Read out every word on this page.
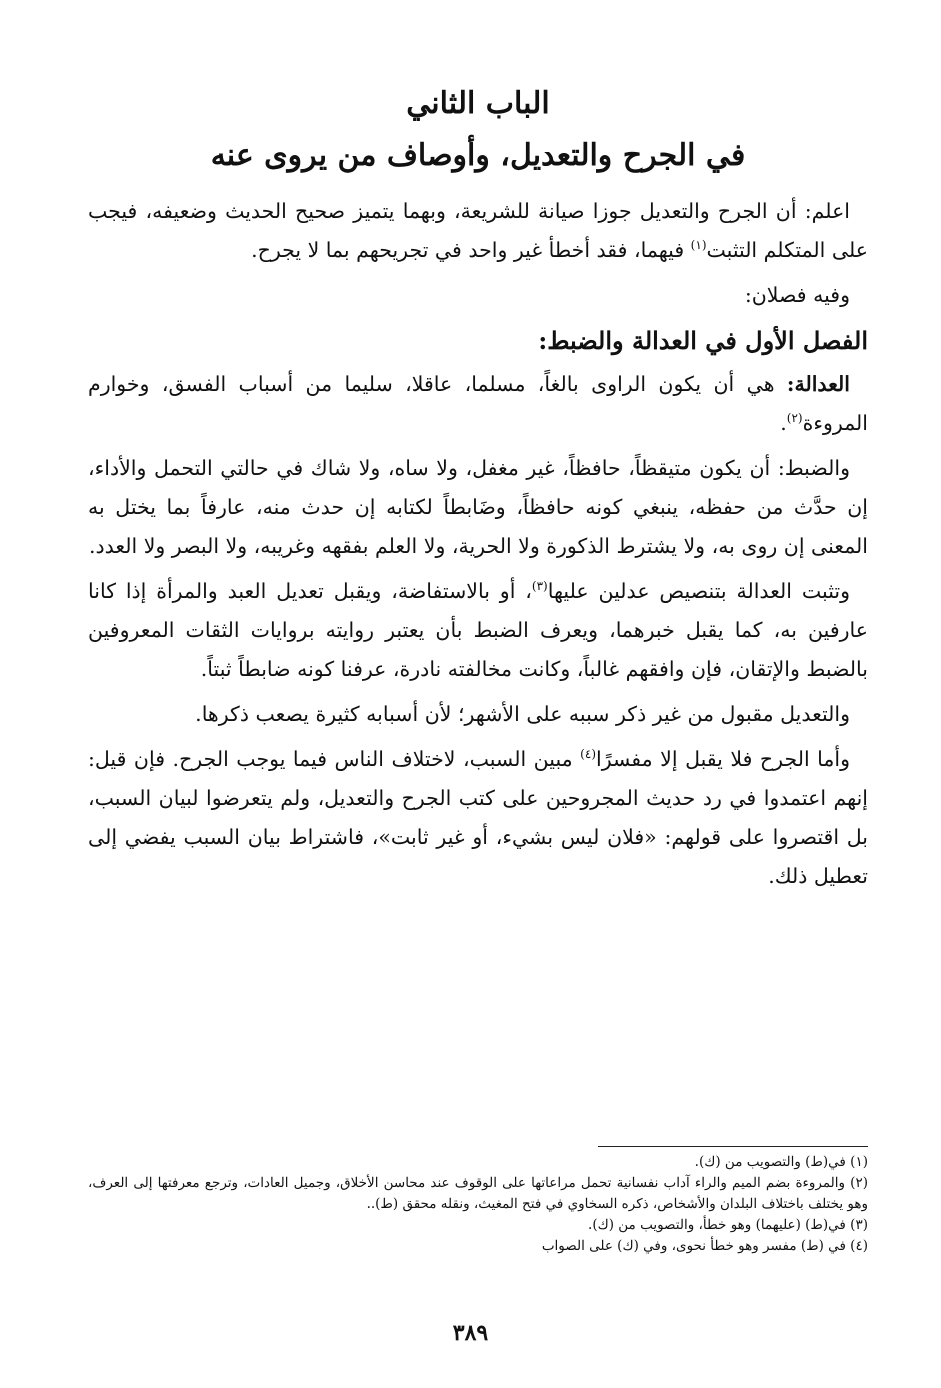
الباب الثاني
في الجرح والتعديل، وأوصاف من يروى عنه

اعلم: أن الجرح والتعديل جوزا صيانة للشريعة، وبهما يتميز صحيح الحديث وضعيفه، فيجب على المتكلم التثبت$^{(١)}$ فيهما، فقد أخطأ غير واحد في تجريحهم بما لا يجرح.

وفيه فصلان:

الفصل الأول في العدالة والضبط:

العدالة: هي أن يكون الراوى بالغاً، مسلما، عاقلا، سليما من أسباب الفسق، وخوارم المروءة$^{(٢)}$.

والضبط: أن يكون متيقظاً، حافظاً، غير مغفل، ولا ساه، ولا شاك في حالتي التحمل والأداء، إن حدَّث من حفظه، ينبغي كونه حافظاً، وضَابطاً لكتابه إن حدث منه، عارفاً بما يختل به المعنى إن روى به، ولا يشترط الذكورة ولا الحرية، ولا العلم بفقهه وغريبه، ولا البصر ولا العدد.

وتثبت العدالة بتنصيص عدلين عليها$^{(٣)}$، أو بالاستفاضة، ويقبل تعديل العبد والمرأة إذا كانا عارفين به، كما يقبل خبرهما، ويعرف الضبط بأن يعتبر روايته بروايات الثقات المعروفين بالضبط والإتقان، فإن وافقهم غالباً، وكانت مخالفته نادرة، عرفنا كونه ضابطاً ثبتاً.

والتعديل مقبول من غير ذكر سببه على الأشهر؛ لأن أسبابه كثيرة يصعب ذكرها.

وأما الجرح فلا يقبل إلا مفسرًا$^{(٤)}$ مبين السبب، لاختلاف الناس فيما يوجب الجرح. فإن قيل: إنهم اعتمدوا في رد حديث المجروحين على كتب الجرح والتعديل، ولم يتعرضوا لبيان السبب، بل اقتصروا على قولهم: «فلان ليس بشيء، أو غير ثابت»، فاشتراط بيان السبب يفضي إلى تعطيل ذلك.

(١) في(ط) والتصويب من (ك).

(٢) والمروءة بضم الميم والراء آداب نفسانية تحمل مراعاتها على الوقوف عند محاسن الأخلاق، وجميل العادات، وترجع معرفتها إلى العرف، وهو يختلف باختلاف البلدان والأشخاص، ذكره السخاوي في فتح المغيث، ونقله محقق (ط)..

(٣) في(ط) (عليهما) وهو خطأ، والتصويب من (ك).

(٤) في (ط) مفسر وهو خطأ نحوى، وفي (ك) على الصواب

٣٨٩
